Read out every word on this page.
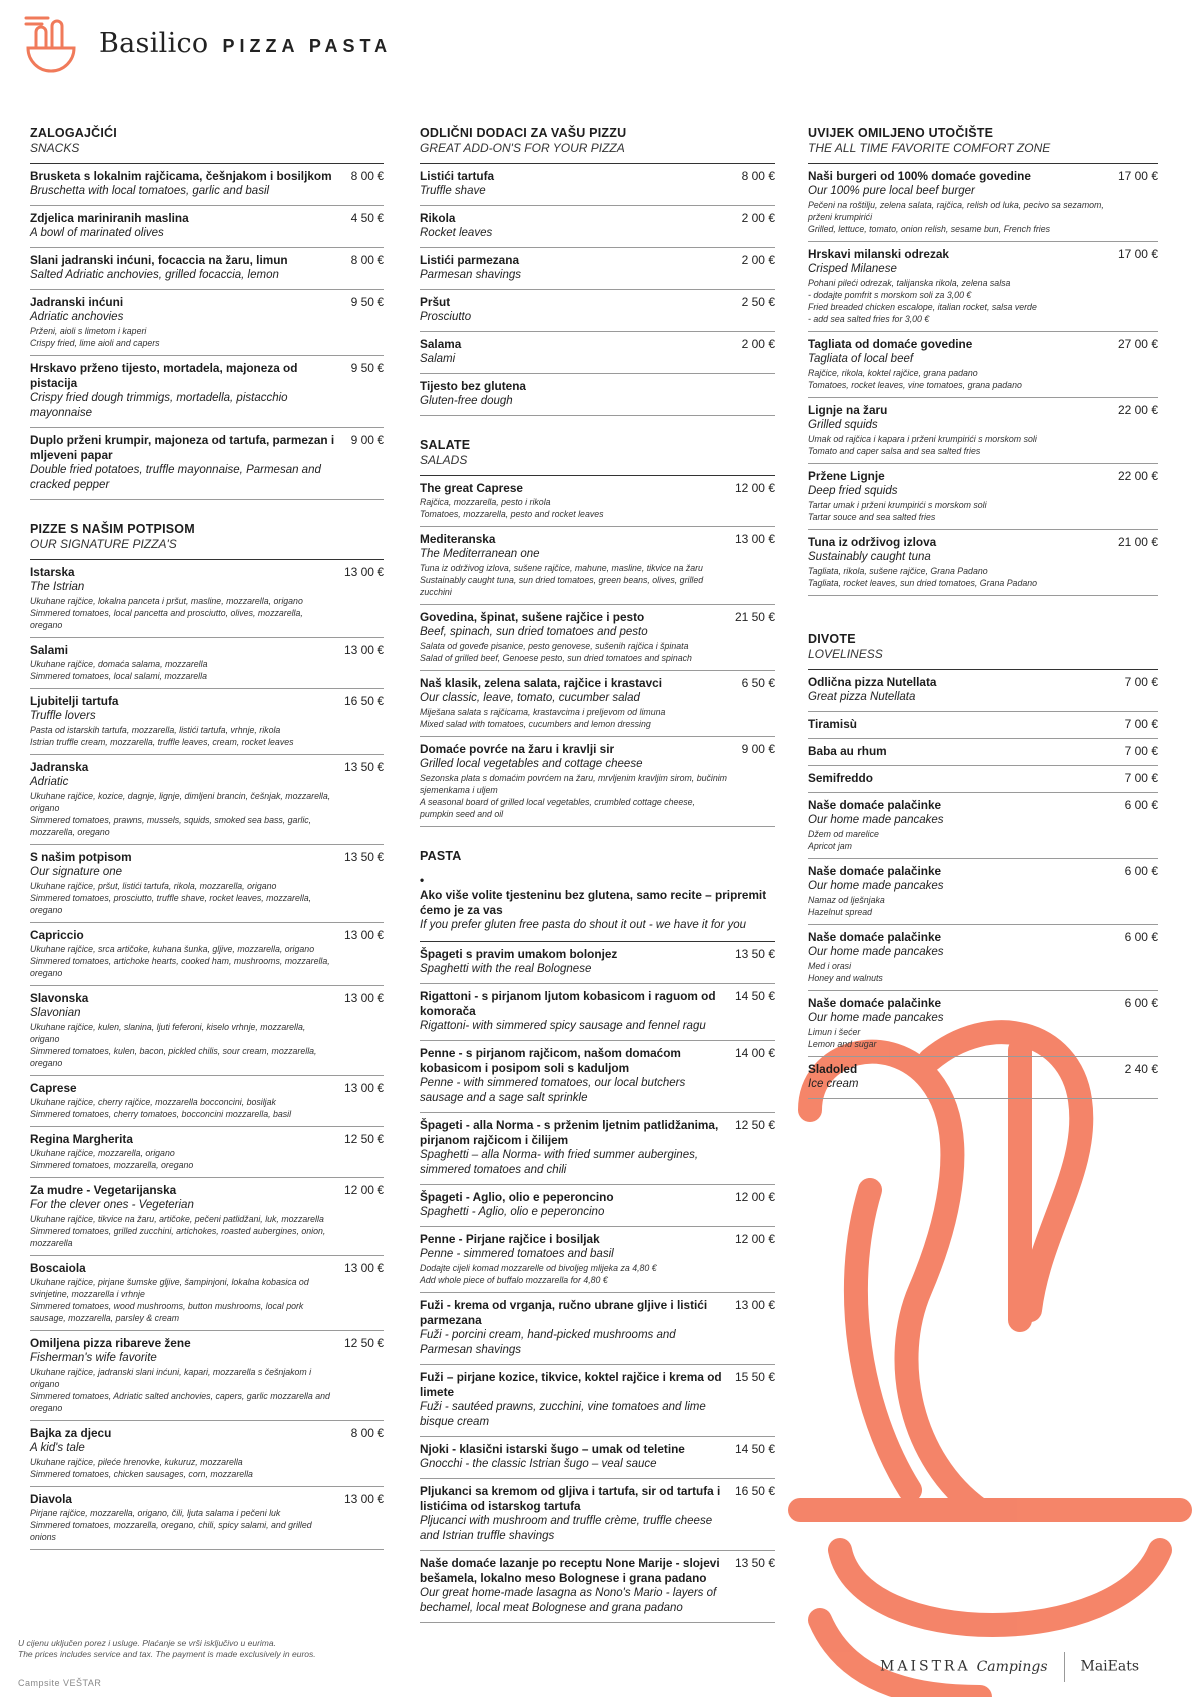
Basilico PIZZA PASTA
ZALOGAJČIĆI
SNACKS
Brusketa s lokalnim rajčicama, češnjakom i bosiljkom
Bruschetta with local tomatoes, garlic and basil
8 00 €
Zdjelica mariniranih maslina
A bowl of marinated olives
4 50 €
Slani jadranski inćuni, focaccia na žaru, limun
Salted Adriatic anchovies, grilled focaccia, lemon
8 00 €
Jadranski inćuni
Adriatic anchovies
Prženi, aioli s limetom i kaperi
Crispy fried, lime aioli and capers
9 50 €
Hrskavo prženo tijesto, mortadela, majoneza od pistacija
Crispy fried dough trimmigs, mortadella, pistacchio mayonnaise
9 50 €
Duplo prženi krumpir, majoneza od tartufa, parmezan i mljeveni papar
Double fried potatoes, truffle mayonnaise, Parmesan and cracked pepper
9 00 €
PIZZE S NAŠIM POTPISOM
OUR SIGNATURE PIZZA'S
Istarska
The Istrian
Ukuhane rajčice, lokalna panceta i pršut, masline, mozzarella, origano
Simmered tomatoes, local pancetta and prosciutto, olives, mozzarella, oregano
13 00 €
Salami
Ukuhane rajčice, domaća salama, mozzarella
Simmered tomatoes, local salami, mozzarella
13 00 €
Ljubitelji tartufa
Truffle lovers
Pasta od istarskih tartufa, mozzarella, listići tartufa, vrhnje, rikola
Istrian truffle cream, mozzarella, truffle leaves, cream, rocket leaves
16 50 €
Jadranska
Adriatic
Ukuhane rajčice, kozice, dagnje, lignje, dimljeni brancin, češnjak, mozzarella, origano
Simmered tomatoes, prawns, mussels, squids, smoked sea bass, garlic, mozzarella, oregano
13 50 €
S našim potpisom
Our signature one
Ukuhane rajčice, pršut, listići tartufa, rikola, mozzarella, origano
Simmered tomatoes, prosciutto, truffle shave, rocket leaves, mozzarella, oregano
13 50 €
Capriccio
Ukuhane rajčice, srca artičoke, kuhana šunka, gljive, mozzarella, origano
Simmered tomatoes, artichoke hearts, cooked ham, mushrooms, mozzarella, oregano
13 00 €
Slavonska
Slavonian
Ukuhane rajčice, kulen, slanina, ljuti feferoni, kiselo vrhnje, mozzarella, origano
Simmered tomatoes, kulen, bacon, pickled chilis, sour cream, mozzarella, oregano
13 00 €
Caprese
Ukuhane rajčice, cherry rajčice, mozzarella bocconcini, bosiljak
Simmered tomatoes, cherry tomatoes, bocconcini mozzarella, basil
13 00 €
Regina Margherita
Ukuhane rajčice, mozzarella, origano
Simmered tomatoes, mozzarella, oregano
12 50 €
Za mudre - Vegetarijanska
For the clever ones - Vegeterian
Ukuhane rajčice, tikvice na žaru, artičoke, pečeni patlidžani, luk, mozzarella
Simmered tomatoes, grilled zucchini, artichokes, roasted aubergines, onion, mozzarella
12 00 €
Boscaiola
Ukuhane rajčice, pirjane šumske gljive, šampinjoni, lokalna kobasica od svinjetine, mozzarella i vrhnje
Simmered tomatoes, wood mushrooms, button mushrooms, local pork sausage, mozzarella, parsley & cream
13 00 €
Omiljena pizza ribareve žene
Fisherman's wife favorite
Ukuhane rajčice, jadranski slani inćuni, kapari, mozzarella s češnjakom i origano
Simmered tomatoes, Adriatic salted anchovies, capers, garlic mozzarella and oregano
12 50 €
Bajka za djecu
A kid's tale
Ukuhane rajčice, pileće hrenovke, kukuruz, mozzarella
Simmered tomatoes, chicken sausages, corn, mozzarella
8 00 €
Diavola
Pirjane rajčice, mozzarella, origano, čili, ljuta salama i pečeni luk
Simmered tomatoes, mozzarella, oregano, chili, spicy salami, and grilled onions
13 00 €
ODLIČNI DODACI ZA VAŠU PIZZU
GREAT ADD-ON'S FOR YOUR PIZZA
Listići tartufa
Truffle shave
8 00 €
Rikola
Rocket leaves
2 00 €
Listići parmezana
Parmesan shavings
2 00 €
Pršut
Prosciutto
2 50 €
Salama
Salami
2 00 €
Tijesto bez glutena
Gluten-free dough
SALATE
SALADS
The great Caprese
Rajčica, mozzarella, pesto i rikola
Tomatoes, mozzarella, pesto and rocket leaves
12 00 €
Mediteranska
The Mediterranean one
Tuna iz održivog izlova, sušene rajčice, mahune, masline, tikvice na žaru
Sustainably caught tuna, sun dried tomatoes, green beans, olives, grilled zucchini
13 00 €
Govedina, špinat, sušene rajčice i pesto
Beef, spinach, sun dried tomatoes and pesto
Salata od goveđe pisanice, pesto genovese, sušenih rajčica i špinata
Salad of grilled beef, Genoese pesto, sun dried tomatoes and spinach
21 50 €
Naš klasik, zelena salata, rajčice i krastavci
Our classic, leave, tomato, cucumber salad
Miješana salata s rajčicama, krastavcima i preljevom od limuna
Mixed salad with tomatoes, cucumbers and lemon dressing
6 50 €
Domaće povrće na žaru i kravlji sir
Grilled local vegetables and cottage cheese
Sezonska plata s domaćim povrćem na žaru, mrvljenim kravljim sirom, bučinim sjemenkama i uljem
A seasonal board of grilled local vegetables, crumbled cottage cheese, pumpkin seed and oil
9 00 €
PASTA
•
Ako više volite tjesteninu bez glutena, samo recite – pripremit ćemo je za vas
If you prefer gluten free pasta do shout it out - we have it for you
Špageti s pravim umakom bolonjez
Spaghetti with the real Bolognese
13 50 €
Rigattoni - s pirjanom ljutom kobasicom i raguom od komorača
Rigattoni- with simmered spicy sausage and fennel ragu
14 50 €
Penne - s pirjanom rajčicom, našom domaćom kobasicom i posipom soli s kaduljom
Penne - with simmered tomatoes, our local butchers sausage and a sage salt sprinkle
14 00 €
Špageti - alla Norma - s prženim ljetnim patlidžanima, pirjanom rajčicom i čilijem
Spaghetti – alla Norma- with fried summer aubergines, simmered tomatoes and chili
12 50 €
Špageti - Aglio, olio e peperoncino
Spaghetti - Aglio, olio e peperoncino
12 00 €
Penne - Pirjane rajčice i bosiljak
Penne - simmered tomatoes and basil
Dodajte cijeli komad mozzarelle od bivoljeg mlijeka za 4,80 €
Add whole piece of buffalo mozzarella for 4,80 €
12 00 €
Fuži - krema od vrganja, ručno ubrane gljive i listići parmezana
Fuži - porcini cream, hand-picked mushrooms and Parmesan shavings
13 00 €
Fuži – pirjane kozice, tikvice, koktel rajčice i krema od limete
Fuži - sautéed prawns, zucchini, vine tomatoes and lime bisque cream
15 50 €
Njoki - klasični istarski šugo – umak od teletine
Gnocchi - the classic Istrian šugo – veal sauce
14 50 €
Pljukanci sa kremom od gljiva i tartufa, sir od tartufa i listićima od istarskog tartufa
Pljucanci with mushroom and truffle crème, truffle cheese and Istrian truffle shavings
16 50 €
Naše domaće lazanje po receptu None Marije - slojevi bešamela, lokalno meso Bolognese i grana padano
Our great home-made lasagna as Nono's Mario - layers of bechamel, local meat Bolognese and grana padano
13 50 €
UVIJEK OMILJENO UTOČIŠTE
THE ALL TIME FAVORITE COMFORT ZONE
Naši burgeri od 100% domaće govedine
Our 100% pure local beef burger
Pečeni na roštilju, zelena salata, rajčica, relish od luka, pecivo sa sezamom, prženi krumpirići
Grilled, lettuce, tomato, onion relish, sesame bun, French fries
17 00 €
Hrskavi milanski odrezak
Crisped Milanese
Pohani pileći odrezak, talijanska rikola, zelena salsa
- dodajte pomfrit s morskom soli za 3,00 €
Fried breaded chicken escalope, italian rocket, salsa verde
- add sea salted fries for 3,00 €
17 00 €
Tagliata od domaće govedine
Tagliata of local beef
Rajčice, rikola, koktel rajčice, grana padano
Tomatoes, rocket leaves, vine tomatoes, grana padano
27 00 €
Lignje na žaru
Grilled squids
Umak od rajčica i kapara i prženi krumpirići s morskom soli
Tomato and caper salsa and sea salted fries
22 00 €
Pržene Lignje
Deep fried squids
Tartar umak i prženi krumpirići s morskom soli
Tartar souce and sea salted fries
22 00 €
Tuna iz održivog izlova
Sustainably caught tuna
Tagliata, rikola, sušene rajčice, Grana Padano
Tagliata, rocket leaves, sun dried tomatoes, Grana Padano
21 00 €
DIVOTE
LOVELINESS
Odlična pizza Nutellata
Great pizza Nutellata
7 00 €
Tiramisù	7 00 €
Baba au rhum	7 00 €
Semifreddo	7 00 €
Naše domaće palačinke
Our home made pancakes
Džem od marelice
Apricot jam
6 00 €
Naše domaće palačinke
Our home made pancakes
Namaz od lješnjaka
Hazelnut spread
6 00 €
Naše domaće palačinke
Our home made pancakes
Med i orasi
Honey and walnuts
6 00 €
Naše domaće palačinke
Our home made pancakes
Limun i šećer
Lemon and sugar
6 00 €
Sladoled
Ice cream
2 40 €
U cijenu uključen porez i usluge. Plaćanje se vrši isključivo u eurima.
The prices includes service and tax. The payment is made exclusively in euros.
Campsite VEŠTAR
MAISTRA Campings MaiEats
